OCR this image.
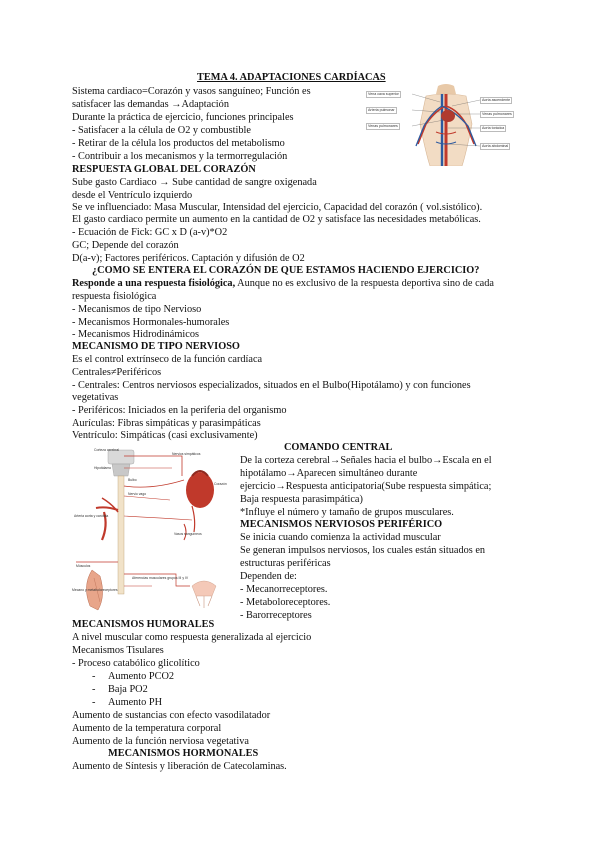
TEMA 4. ADAPTACIONES CARDÍACAS
Sistema cardiaco=Corazón y vasos sanguíneo; Función es
satisfacer las demandas →Adaptación
Durante la práctica de ejercicio, funciones principales
- Satisfacer a la célula de O2 y combustible
- Retirar de la célula los productos del metabolismo
- Contribuir a los mecanismos y la termorregulación
Vena cava superior
Arteria pulmonar
Venas pulmonares
Aorta ascendente
Venas pulmonares
Aorta torácica
Aorta abdominal
RESPUESTA GLOBAL DEL CORAZÓN
Sube gasto Cardiaco → Sube cantidad de sangre oxigenada
desde el Ventrículo izquierdo
Se ve influenciado: Masa Muscular, Intensidad del ejercicio, Capacidad del corazón ( vol.sistólico).
El gasto cardiaco permite un aumento en la cantidad de O2 y satisface las necesidades metabólicas.
- Ecuación de Fick: GC x D (a-v)*O2
GC; Depende del corazón
D(a-v); Factores periféricos. Captación y difusión de O2
¿COMO SE ENTERA EL CORAZÓN DE QUE ESTAMOS HACIENDO EJERCICIO?
Responde a una respuesta fisiológica, Aunque no es exclusivo de la respuesta deportiva sino de cada
respuesta fisiológica
- Mecanismos de tipo Nervioso
- Mecanismos Hormonales-humorales
- Mecanismos Hidrodinámicos
MECANISMO DE TIPO NERVIOSO
Es el control extrínseco de la función cardíaca
Centrales≠Periféricos
- Centrales: Centros nerviosos especializados, situados en el Bulbo(Hipotálamo) y con funciones
vegetativas
- Periféricos: Iniciados en la periferia del organismo
Aurículas: Fibras simpáticas y parasimpáticas
Ventrículo: Simpáticas (casi exclusivamente)
Corteza cerebral
Hipotálamo
Bulbo
Nervio vago
Arteria aorta y carótida
Nervios simpáticos
Corazón
Vasos sanguíneos
Músculos
Mecano y metaboloreceptores
Aferencias musculares grupos III y IV
COMANDO CENTRAL
De la corteza cerebral→Señales hacia el bulbo→Escala en el
hipotálamo→Aparecen simultáneo durante
ejercicio→Respuesta anticipatoria(Sube respuesta simpática;
Baja respuesta parasimpática)
*Influye el número y tamaño de grupos musculares.
MECANISMOS NERVIOSOS PERIFÉRICO
Se inicia cuando comienza la actividad muscular
Se generan impulsos nerviosos, los cuales están situados en
estructuras periféricas
Dependen de:
- Mecanorreceptores.
- Metaboloreceptores.
- Barorreceptores
MECANISMOS HUMORALES
A nivel muscular como respuesta generalizada al ejercicio
Mecanismos Tisulares
- Proceso catabólico glicolítico
- Aumento PCO2
- Baja PO2
- Aumento PH
Aumento de sustancias con efecto vasodilatador
Aumento de la temperatura corporal
Aumento de la función nerviosa vegetativa
MECANISMOS HORMONALES
Aumento de Síntesis y liberación de Catecolaminas.
